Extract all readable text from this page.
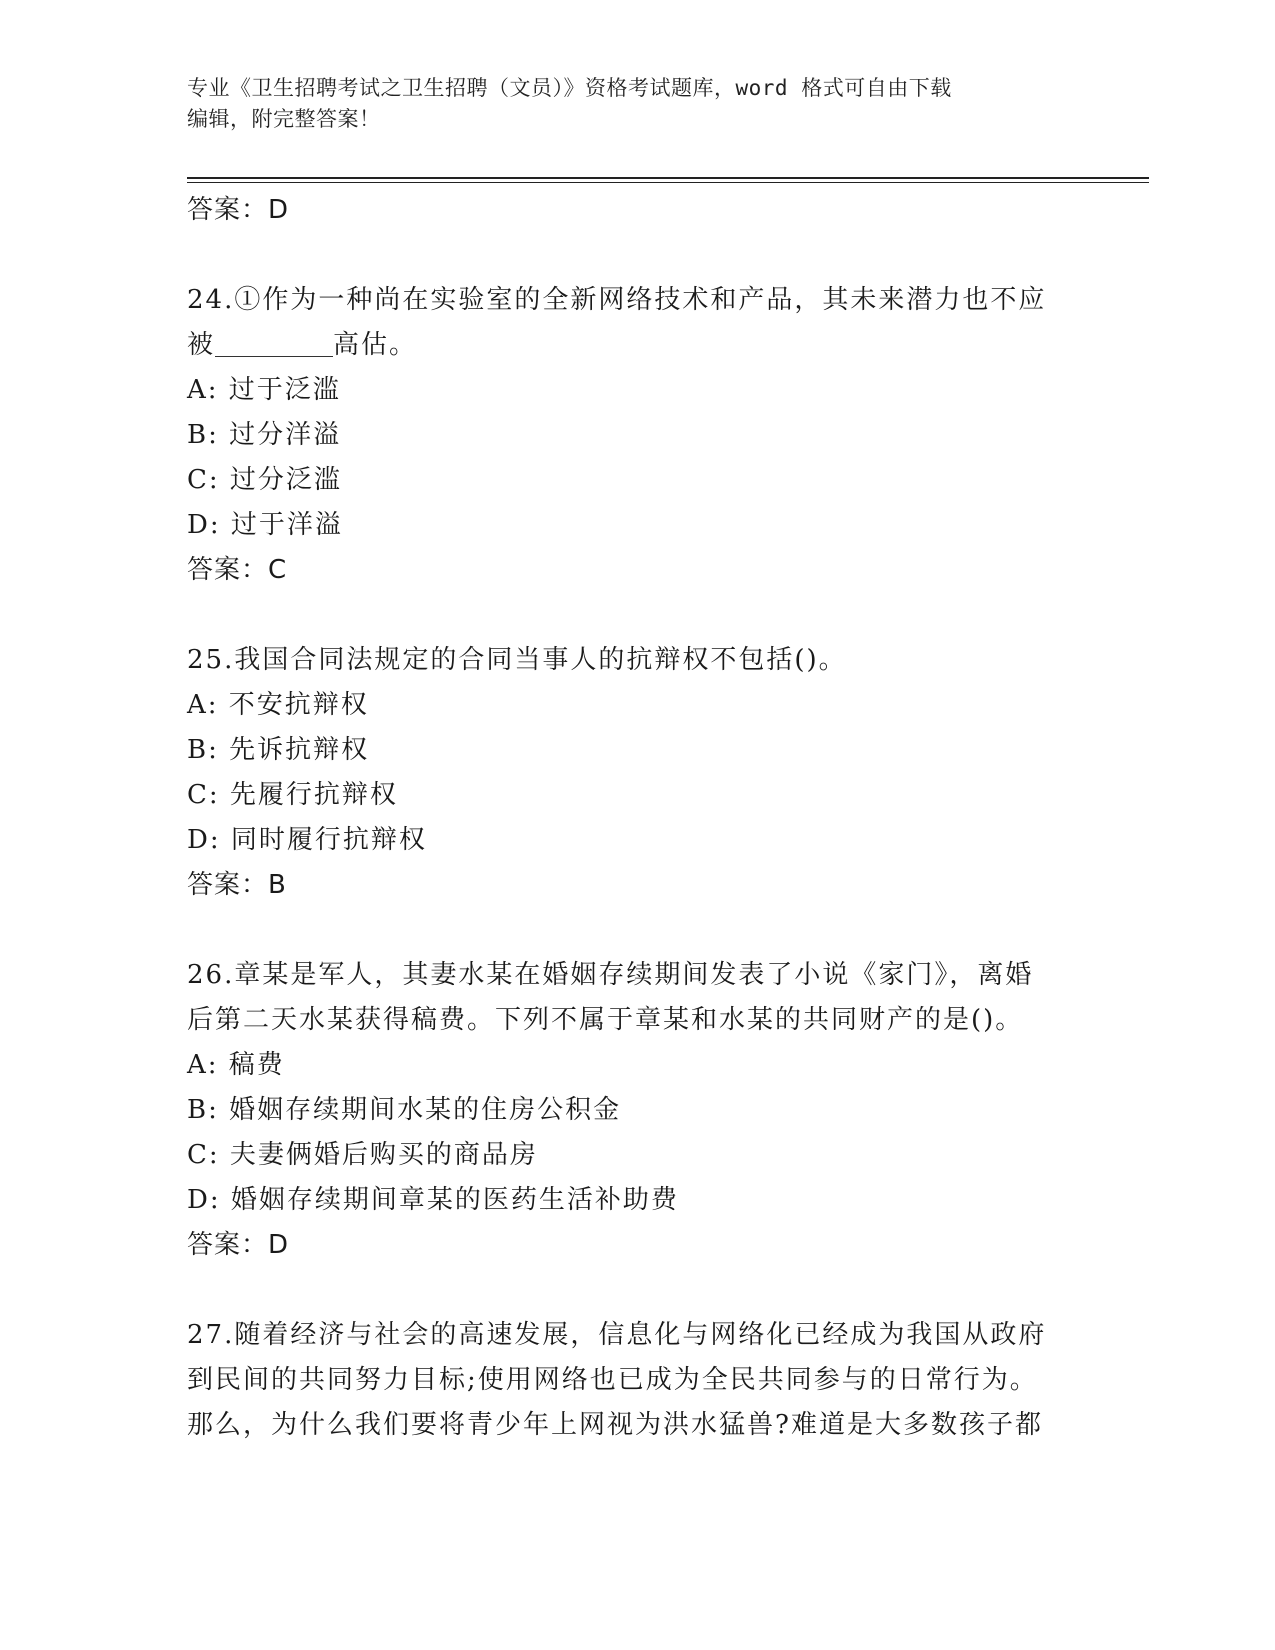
专业《卫生招聘考试之卫生招聘（文员）》资格考试题库，word 格式可自由下载
编辑，附完整答案！
答案：D
24.①作为一种尚在实验室的全新网络技术和产品，其未来潜力也不应
被	高估。
A: 过于泛滥
B: 过分洋溢
C: 过分泛滥
D: 过于洋溢
答案：C
25.我国合同法规定的合同当事人的抗辩权不包括()。
A: 不安抗辩权
B: 先诉抗辩权
C: 先履行抗辩权
D: 同时履行抗辩权
答案：B
26.章某是军人，其妻水某在婚姻存续期间发表了小说《家门》，离婚
后第二天水某获得稿费。下列不属于章某和水某的共同财产的是()。
A: 稿费
B: 婚姻存续期间水某的住房公积金
C: 夫妻俩婚后购买的商品房
D: 婚姻存续期间章某的医药生活补助费
答案：D
27.随着经济与社会的高速发展，信息化与网络化已经成为我国从政府
到民间的共同努力目标;使用网络也已成为全民共同参与的日常行为。
那么，为什么我们要将青少年上网视为洪水猛兽?难道是大多数孩子都
